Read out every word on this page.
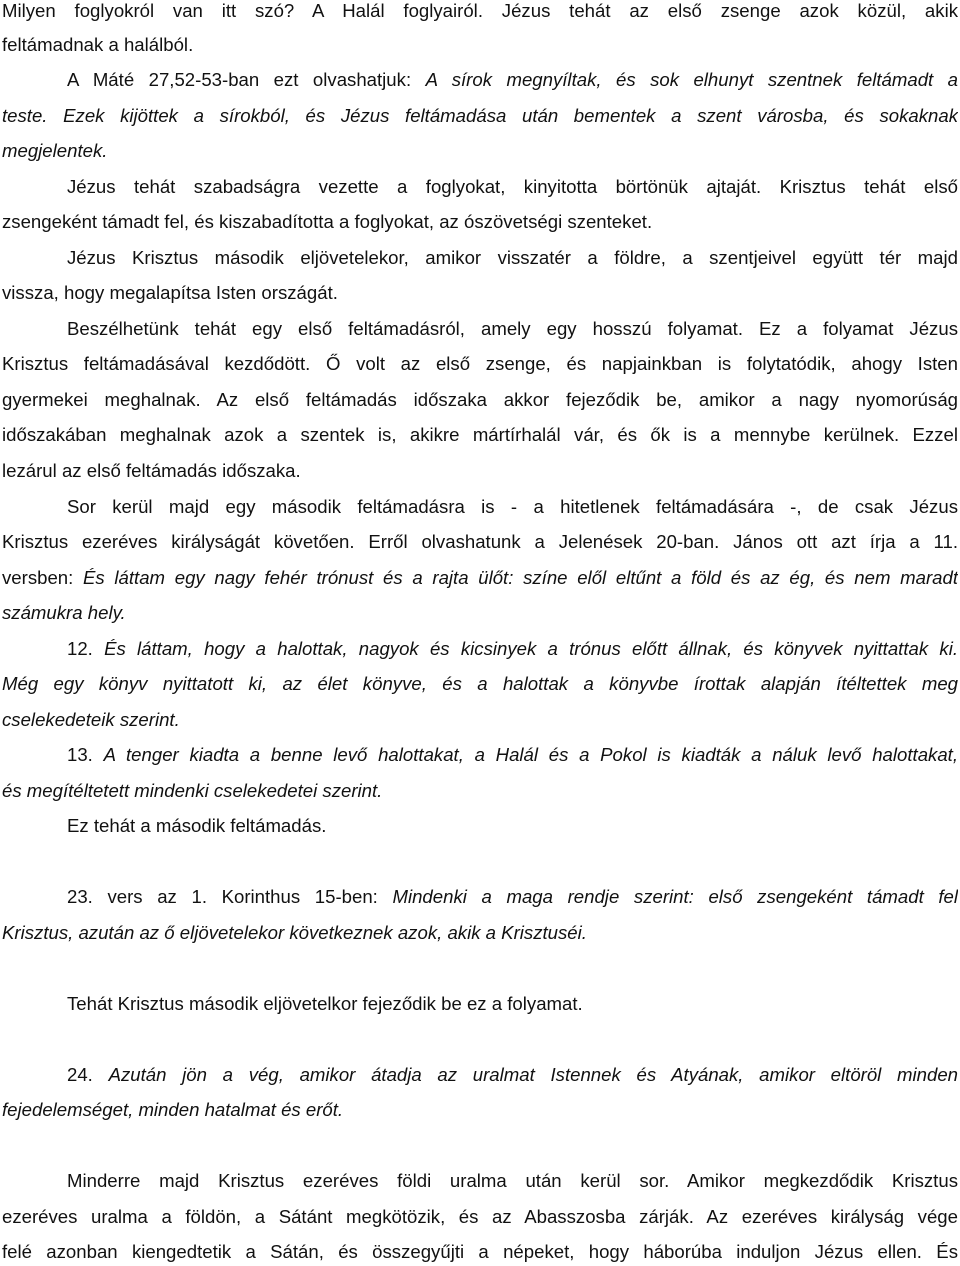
Milyen foglyokról van itt szó? A Halál foglyairól. Jézus tehát az első zsenge azok közül, akik
feltámadnak a halálból.
A Máté 27,52-53-ban ezt olvashatjuk: A sírok megnyíltak, és sok elhunyt szentnek feltámadt a
teste. Ezek kijöttek a sírokból, és Jézus feltámadása után bementek a szent városba, és sokaknak
megjelentek.
Jézus tehát szabadságra vezette a foglyokat, kinyitotta börtönük ajtaját. Krisztus tehát első
zsengeként támadt fel, és kiszabadította a foglyokat, az ószövetségi szenteket.
Jézus Krisztus második eljövetelekor, amikor visszatér a földre, a szentjeivel együtt tér majd
vissza, hogy megalapítsa Isten országát.
Beszélhetünk tehát egy első feltámadásról, amely egy hosszú folyamat. Ez a folyamat Jézus
Krisztus feltámadásával kezdődött. Ő volt az első zsenge, és napjainkban is folytatódik, ahogy Isten
gyermekei meghalnak. Az első feltámadás időszaka akkor fejeződik be, amikor a nagy nyomorúság
időszakában meghalnak azok a szentek is, akikre mártírhalál vár, és ők is a mennybe kerülnek. Ezzel
lezárul az első feltámadás időszaka.
Sor kerül majd egy második feltámadásra is - a hitetlenek feltámadására -, de csak Jézus
Krisztus ezeréves királyságát követően. Erről olvashatunk a Jelenések 20-ban. János ott azt írja a 11.
versben: És láttam egy nagy fehér trónust és a rajta ülőt: színe elől eltűnt a föld és az ég, és nem maradt
számukra hely.
12. És láttam, hogy a halottak, nagyok és kicsinyek a trónus előtt állnak, és könyvek nyittattak ki.
Még egy könyv nyittatott ki, az élet könyve, és a halottak a könyvbe írottak alapján ítéltettek meg
cselekedeteik szerint.
13. A tenger kiadta a benne levő halottakat, a Halál és a Pokol is kiadták a náluk levő halottakat,
és megítéltetett mindenki cselekedetei szerint.
Ez tehát a második feltámadás.
23. vers az 1. Korinthus 15-ben: Mindenki a maga rendje szerint: első zsengeként támadt fel
Krisztus, azután az ő eljövetelekor következnek azok, akik a Krisztuséi.
Tehát Krisztus második eljövetelkor fejeződik be ez a folyamat.
24. Azután jön a vég, amikor átadja az uralmat Istennek és Atyának, amikor eltöröl minden
fejedelemséget, minden hatalmat és erőt.
Minderre majd Krisztus ezeréves földi uralma után kerül sor. Amikor megkezdődik Krisztus
ezeréves uralma a földön, a Sátánt megkötözik, és az Abasszosba zárják. Az ezeréves királyság vége
felé azonban kiengedtetik a Sátán, és összegyűjti a népeket, hogy háborúba induljon Jézus ellen. És
